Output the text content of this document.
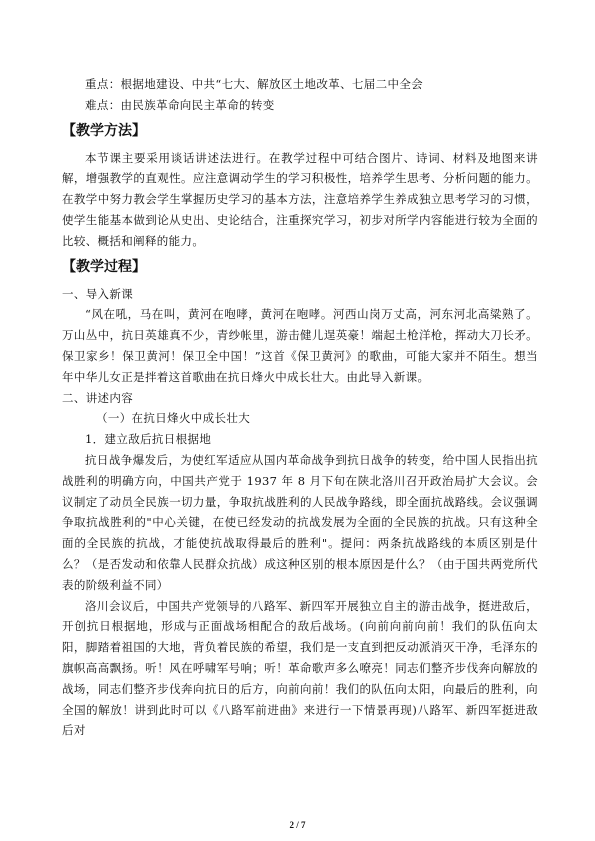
重点：根据地建设、中共“七大、解放区土地改革、七届二中全会

难点：由民族革命向民主革命的转变

【教学方法】

本节课主要采用谈话讲述法进行。在教学过程中可结合图片、诗词、材料及地图来讲解，增强教学的直观性。应注意调动学生的学习积极性，培养学生思考、分析问题的能力。在教学中努力教会学生掌握历史学习的基本方法，注意培养学生养成独立思考学习的习惯，使学生能基本做到论从史出、史论结合，注重探究学习，初步对所学内容能进行较为全面的比较、概括和阐释的能力。

【教学过程】

一、导入新课

“风在吼，马在叫，黄河在咆哮，黄河在咆哮。河西山岗万丈高，河东河北高粱熟了。万山丛中，抗日英雄真不少，青纱帐里，游击健儿逞英豪！端起土枪洋枪，挥动大刀长矛。保卫家乡！保卫黄河！保卫全中国！”这首《保卫黄河》的歌曲，可能大家并不陌生。想当年中华儿女正是拌着这首歌曲在抗日烽火中成长壮大。由此导入新课。

二、讲述内容

（一）在抗日烽火中成长壮大

1．建立敌后抗日根据地

抗日战争爆发后，为使红军适应从国内革命战争到抗日战争的转变，给中国人民指出抗战胜利的明确方向，中国共产党于 1937 年 8 月下旬在陕北洛川召开政治局扩大会议。会议制定了动员全民族一切力量，争取抗战胜利的人民战争路线，即全面抗战路线。会议强调争取抗战胜利的"中心关键，在使已经发动的抗战发展为全面的全民族的抗战。只有这种全面的全民族的抗战，才能使抗战取得最后的胜利"。提问：两条抗战路线的本质区别是什么？（是否发动和依靠人民群众抗战）成这种区别的根本原因是什么？（由于国共两党所代表的阶级利益不同）

洛川会议后，中国共产党领导的八路军、新四军开展独立自主的游击战争，挺进敌后，开创抗日根据地，形成与正面战场相配合的敌后战场。(向前向前向前！我们的队伍向太阳，脚踏着祖国的大地，背负着民族的希望，我们是一支直到把反动派消灭干净，毛泽东的旗帜高高飘扬。听！风在呼啸军号响；听！革命歌声多么嘹亮！同志们整齐步伐奔向解放的战场，同志们整齐步伐奔向抗日的后方，向前向前！我们的队伍向太阳，向最后的胜利，向全国的解放！讲到此时可以《八路军前进曲》来进行一下情景再现)八路军、新四军挺进敌后对

2 / 7
